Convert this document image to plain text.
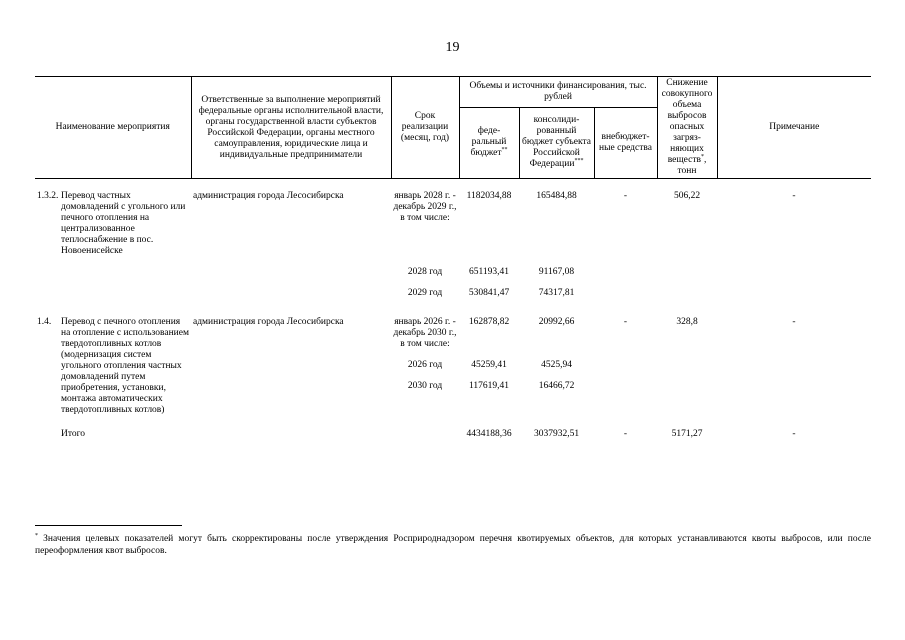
19
Наименование мероприятия	Ответственные за выполнение мероприятий федеральные органы исполнительной власти, органы государственной власти субъектов Российской Федерации, органы местного самоуправления, юридические лица и индивидуальные предприниматели	Срок реализации (месяц, год)	Объемы и источники финансирования, тыс. рублей			Снижение совокупного объема выбросов опасных загряз-няющих веществ*, тонн	Примечание
			феде-ральный бюджет**	консолиди-рованный бюджет субъекта Российской Федерации***	внебюджет-ные средства		

1.3.2. Перевод частных домовладений с угольного или печного отопления на централизованное теплоснабжение в пос. Новоенисейске	администрация города Лесосибирска	январь 2028 г. - декабрь 2029 г., в том числе:	1182034,88	165484,88	-	506,22	-

		2028 год	651193,41	91167,08			

		2029 год	530841,47	74317,81			

1.4. Перевод с печного отопления на отопление с использованием твердотопливных котлов (модернизация систем угольного отопления частных домовладений путем приобретения, установки, монтажа автоматических твердотопливных котлов)	администрация города Лесосибирска	январь 2026 г. - декабрь 2030 г., в том числе:	162878,82	20992,66	-	328,8	-

		2026 год	45259,41	4525,94			

		2030 год	117619,41	16466,72			

Итого			4434188,36	3037932,51	-	5171,27	-
* Значения целевых показателей могут быть скорректированы после утверждения Росприроднадзором перечня квотируемых объектов, для которых устанавливаются квоты выбросов, или после переоформления квот выбросов.
